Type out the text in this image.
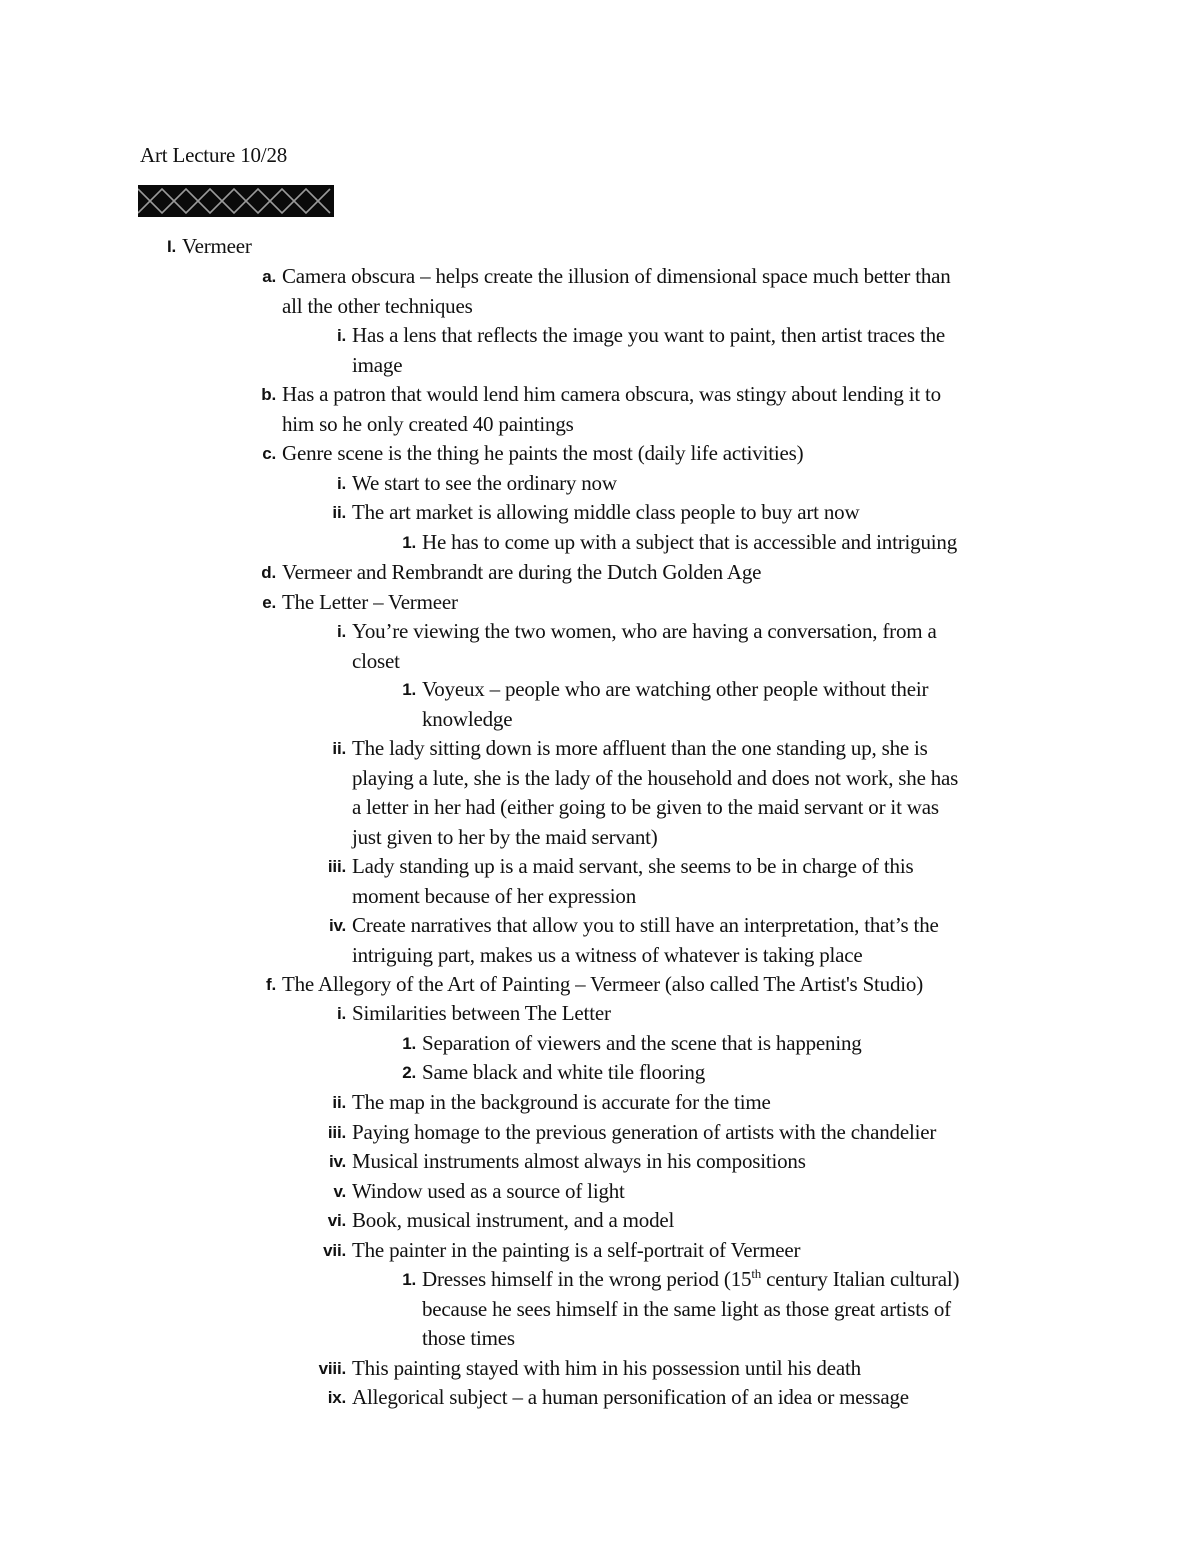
Art Lecture 10/28
I. Vermeer
a. Camera obscura – helps create the illusion of dimensional space much better than
all the other techniques
i. Has a lens that reflects the image you want to paint, then artist traces the
image
b. Has a patron that would lend him camera obscura, was stingy about lending it to
him so he only created 40 paintings
c. Genre scene is the thing he paints the most (daily life activities)
i. We start to see the ordinary now
ii. The art market is allowing middle class people to buy art now
1. He has to come up with a subject that is accessible and intriguing
d. Vermeer and Rembrandt are during the Dutch Golden Age
e. The Letter – Vermeer
i. You’re viewing the two women, who are having a conversation, from a
closet
1. Voyeux – people who are watching other people without their
knowledge
ii. The lady sitting down is more affluent than the one standing up, she is
playing a lute, she is the lady of the household and does not work, she has
a letter in her had (either going to be given to the maid servant or it was
just given to her by the maid servant)
iii. Lady standing up is a maid servant, she seems to be in charge of this
moment because of her expression
iv. Create narratives that allow you to still have an interpretation, that’s the
intriguing part, makes us a witness of whatever is taking place
f. The Allegory of the Art of Painting – Vermeer (also called The Artist's Studio)
i. Similarities between The Letter
1. Separation of viewers and the scene that is happening
2. Same black and white tile flooring
ii. The map in the background is accurate for the time
iii. Paying homage to the previous generation of artists with the chandelier
iv. Musical instruments almost always in his compositions
v. Window used as a source of light
vi. Book, musical instrument, and a model
vii. The painter in the painting is a self-portrait of Vermeer
1. Dresses himself in the wrong period (15th century Italian cultural)
because he sees himself in the same light as those great artists of
those times
viii. This painting stayed with him in his possession until his death
ix. Allegorical subject – a human personification of an idea or message
